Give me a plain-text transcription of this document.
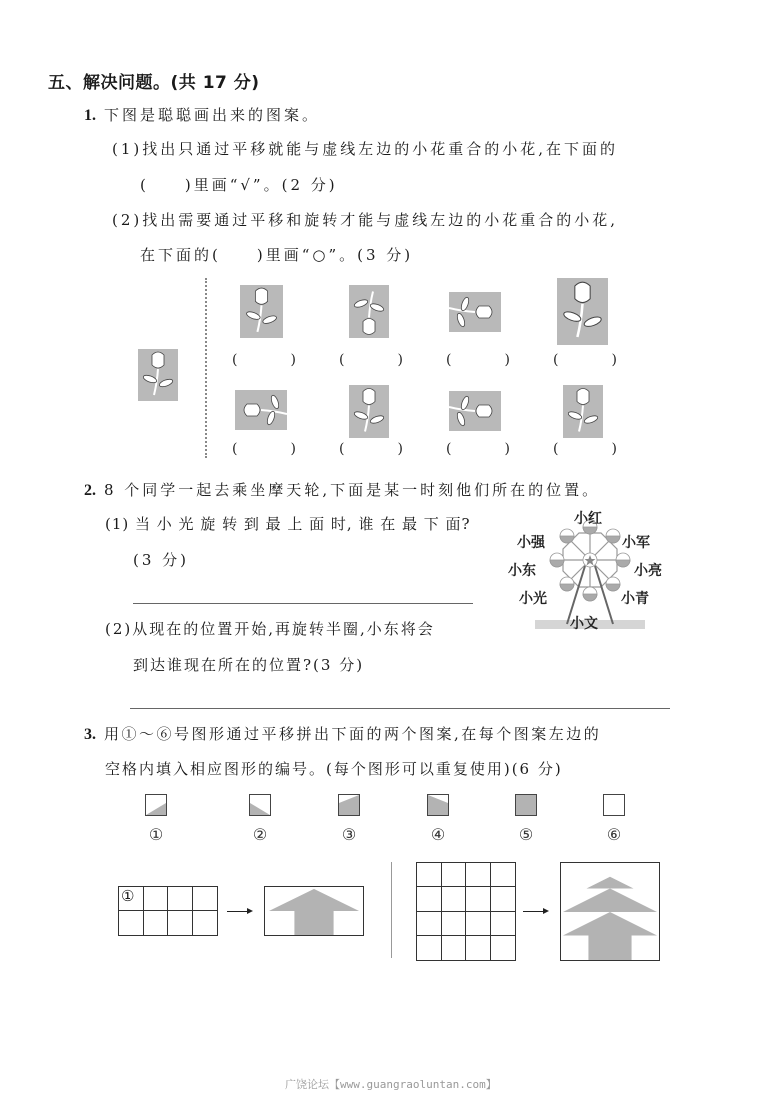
五、解决问题。(共 17 分)
1. 下图是聪聪画出来的图案。
(1)找出只通过平移就能与虚线左边的小花重合的小花,在下面的
(　　)里画“√”。(2 分)
(2)找出需要通过平移和旋转才能与虚线左边的小花重合的小花,
在下面的(　　)里画“○”。(3 分)
(	)	(	)	(	)	(	)
(	)	(	)	(	)	(	)
2. 8 个同学一起去乘坐摩天轮,下面是某一时刻他们所在的位置。
(1) 当 小 光 旋 转 到 最 上 面 时, 谁 在 最 下 面?
(3 分)
(2)从现在的位置开始,再旋转半圈,小东将会
到达谁现在所在的位置?(3 分)
小红
小强	小军
小东	小亮
小光	小青
小文
3. 用①～⑥号图形通过平移拼出下面的两个图案,在每个图案左边的
空格内填入相应图形的编号。(每个图形可以重复使用)(6 分)
①	②	③	④	⑤	⑥
①
广饶论坛【www.guangraoluntan.com】
